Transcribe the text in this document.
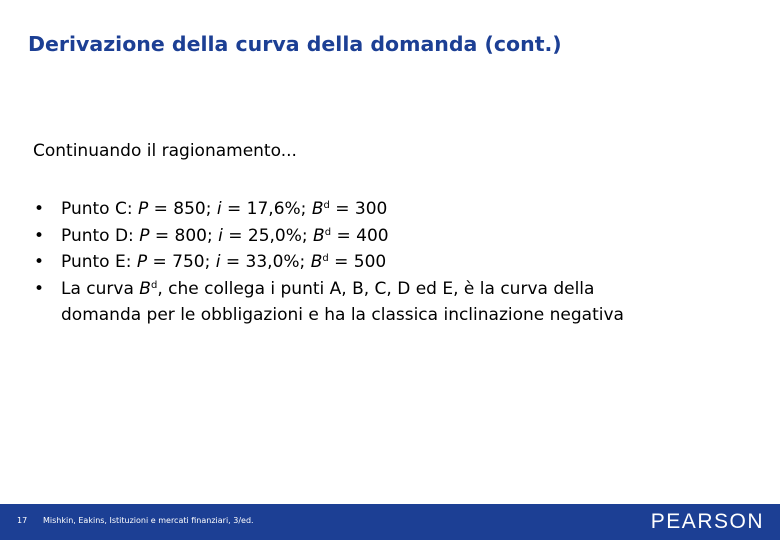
Derivazione della curva della domanda (cont.)
Continuando il ragionamento...
• Punto C: P = 850; i = 17,6%; $B^d = 300$
• Punto D: P = 800; i = 25,0%; $B^d = 400$
• Punto E: P = 750; i = 33,0%; $B^d = 500$
• La curva $B^d$, che collega i punti A, B, C, D ed E, è la curva della
domanda per le obbligazioni e ha la classica inclinazione negativa
17 Mishkin, Eakins, Istituzioni e mercati finanziari, 3/ed.	PEARSON
